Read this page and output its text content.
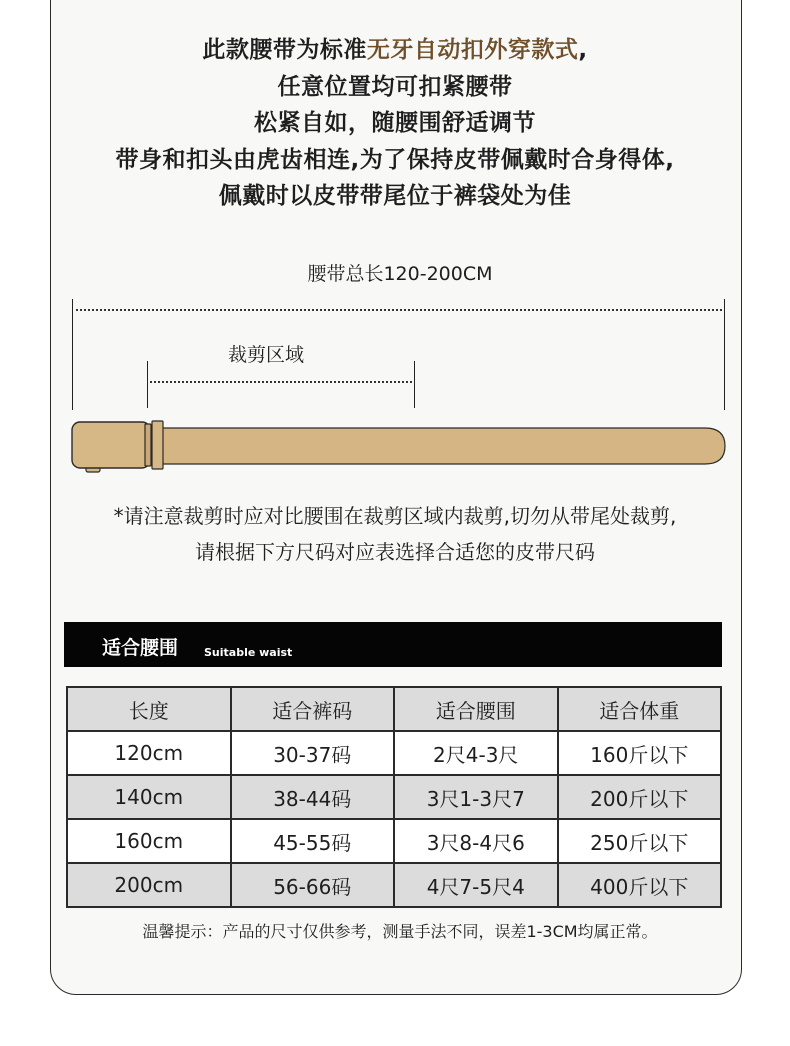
此款腰带为标准无牙自动扣外穿款式,
任意位置均可扣紧腰带
松紧自如，随腰围舒适调节
带身和扣头由虎齿相连,为了保持皮带佩戴时合身得体,
佩戴时以皮带带尾位于裤袋处为佳
腰带总长120-200CM
裁剪区域
*请注意裁剪时应对比腰围在裁剪区域内裁剪,切勿从带尾处裁剪,
请根据下方尺码对应表选择合适您的皮带尺码
适合腰围 Suitable waist
长度	适合裤码	适合腰围	适合体重
120cm	30-37码	2尺4-3尺	160斤以下
140cm	38-44码	3尺1-3尺7	200斤以下
160cm	45-55码	3尺8-4尺6	250斤以下
200cm	56-66码	4尺7-5尺4	400斤以下
温馨提示：产品的尺寸仅供参考，测量手法不同，误差1-3CM均属正常。
